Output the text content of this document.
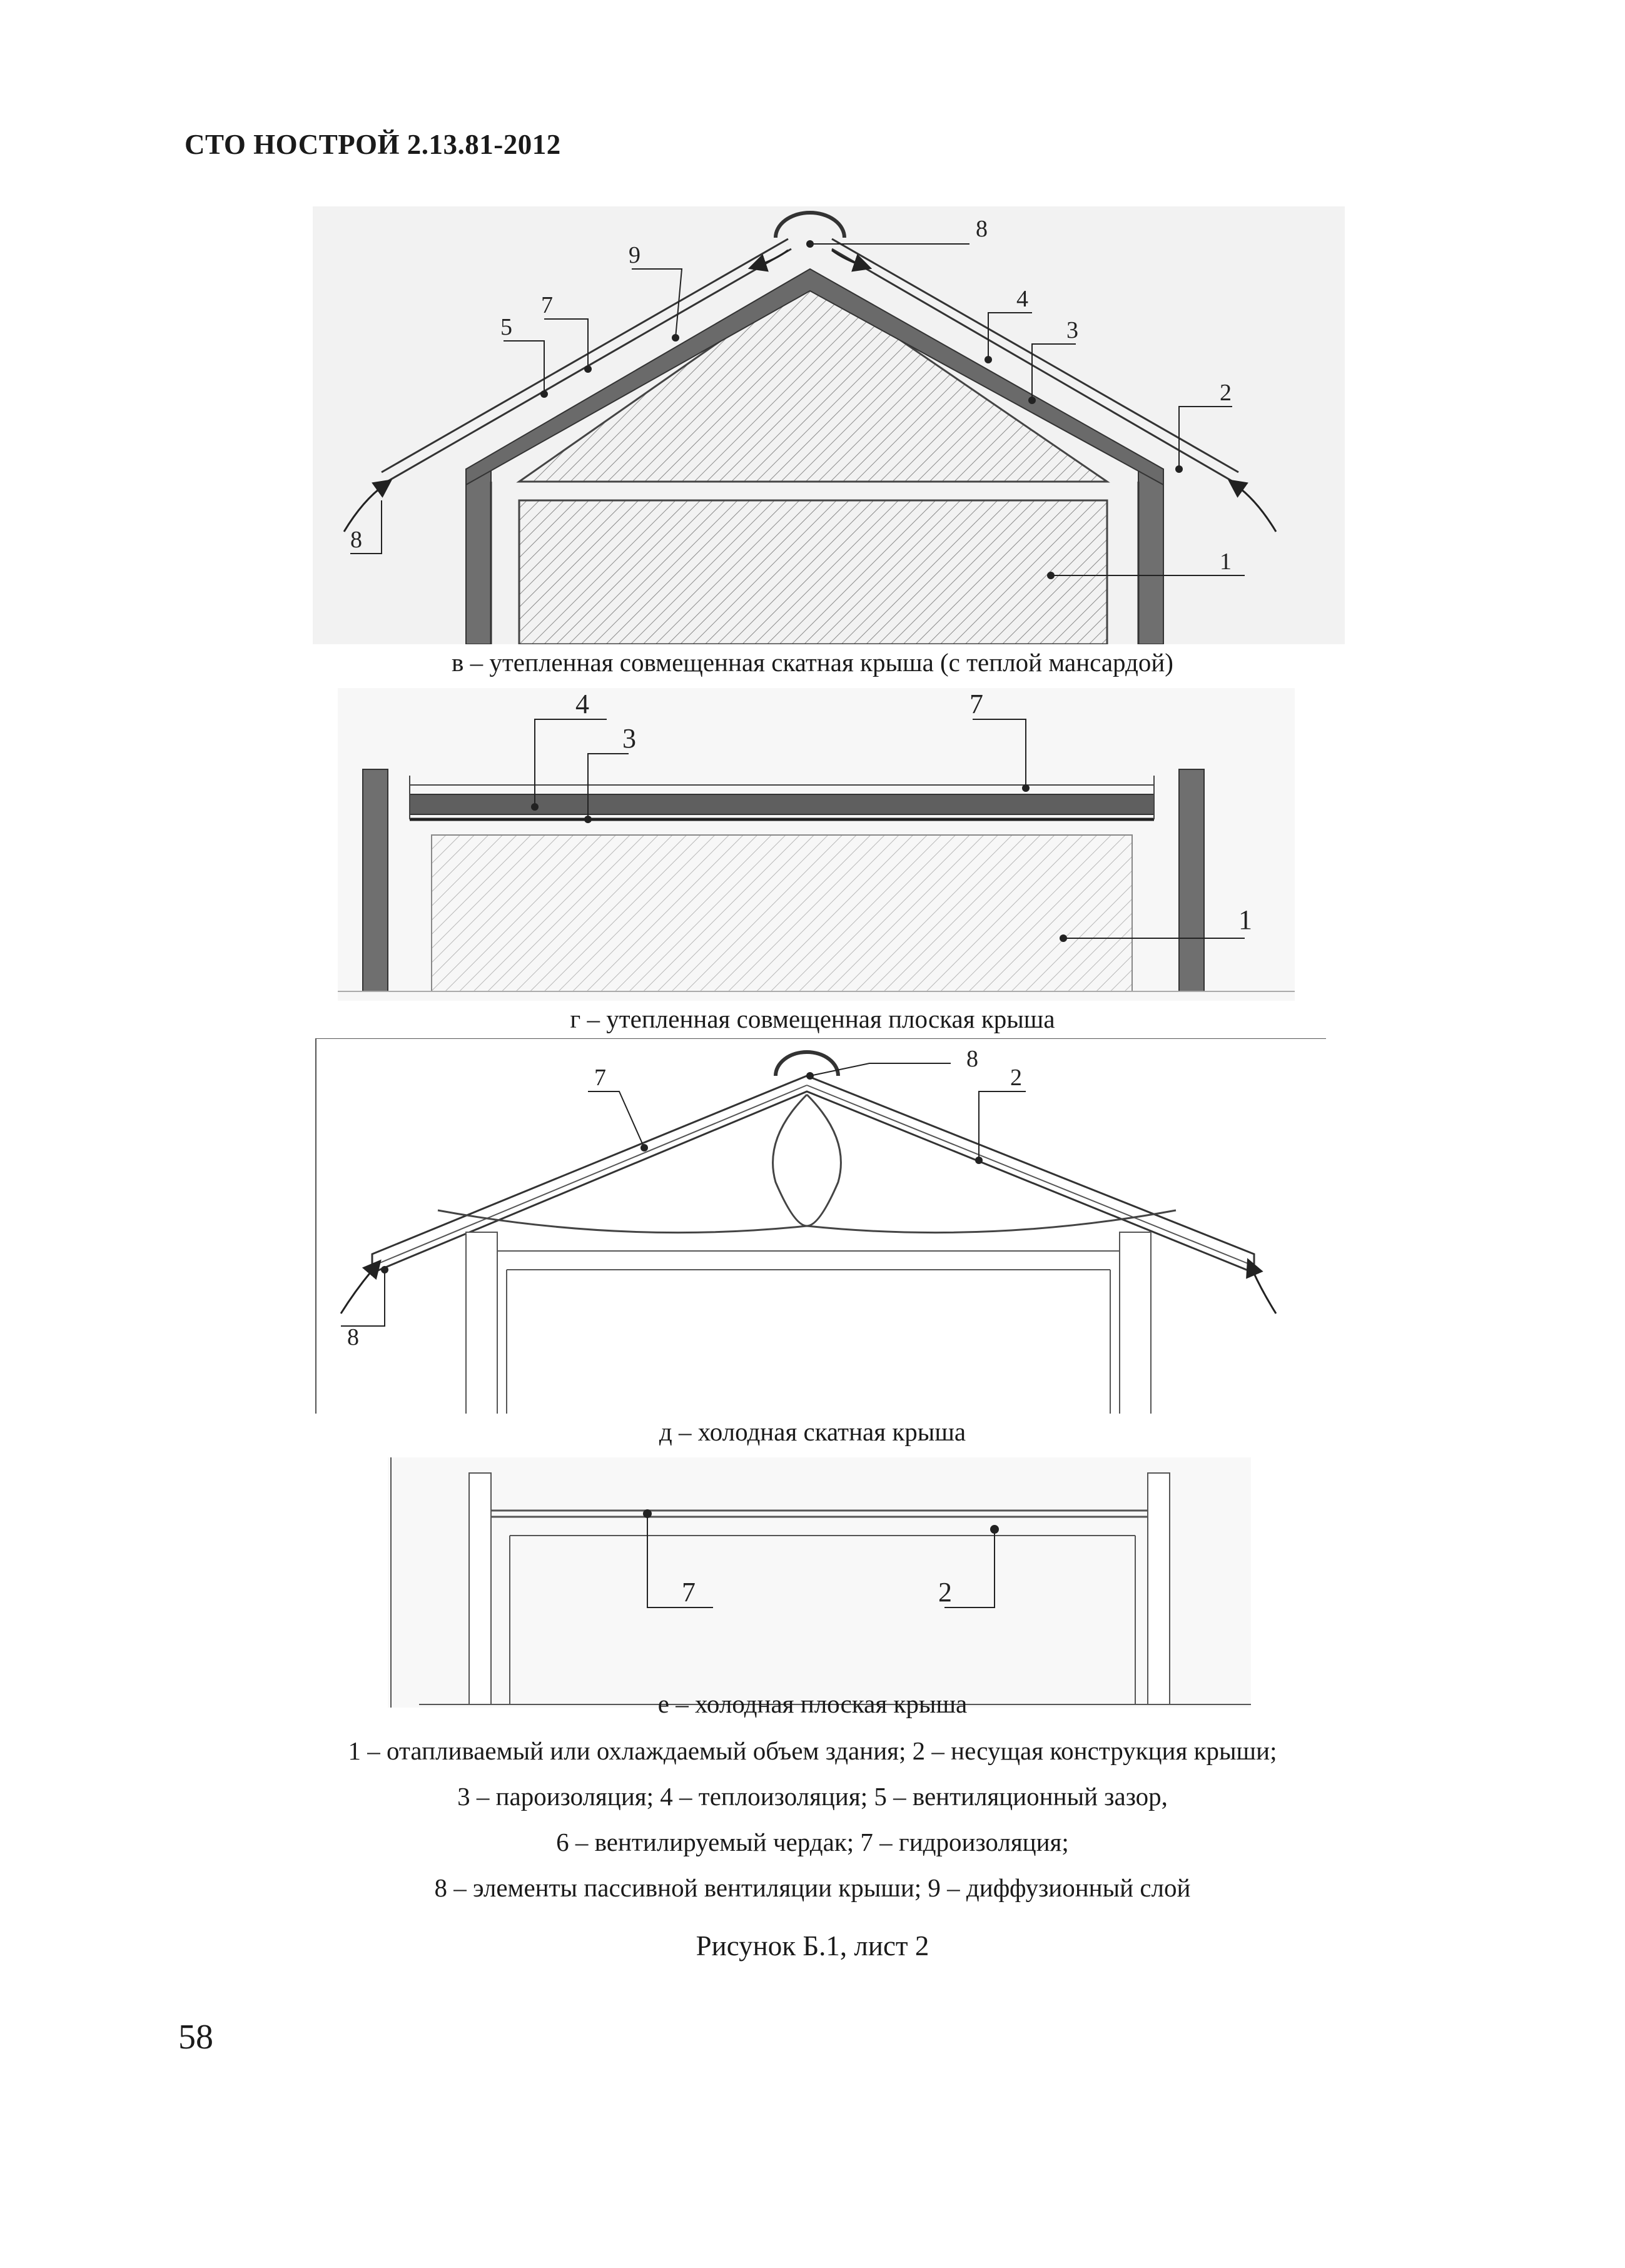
СТО НОСТРОЙ 2.13.81-2012
8
9
7
5
4
3
2
8
1
в – утепленная совмещенная скатная крыша (с теплой мансардой)
4
3
7
1
г – утепленная совмещенная плоская крыша
8
7	2
8
д – холодная скатная крыша
7	2
е – холодная плоская крыша
1 – отапливаемый или охлаждаемый объем здания; 2 – несущая конструкция крыши;
3 – пароизоляция; 4 – теплоизоляция; 5 – вентиляционный зазор,
6 – вентилируемый чердак; 7 – гидроизоляция;
8 – элементы пассивной вентиляции крыши; 9 – диффузионный слой
Рисунок Б.1, лист 2
58
